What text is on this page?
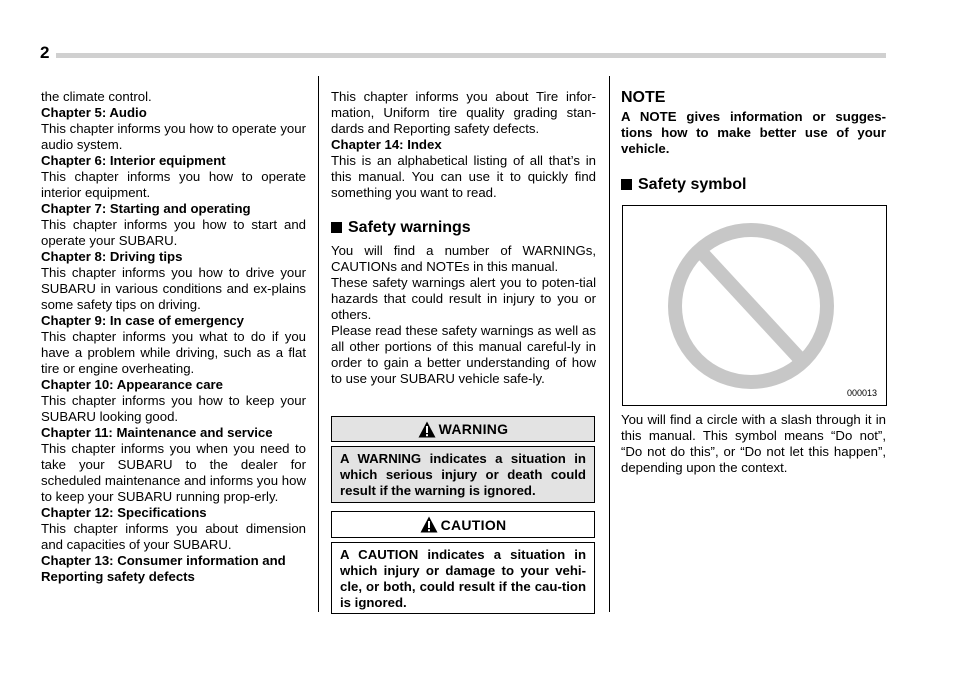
2

the climate control.

Chapter 5: Audio

This chapter informs you how to operate your audio system.

Chapter 6: Interior equipment

This chapter informs you how to operate interior equipment.

Chapter 7: Starting and operating

This chapter informs you how to start and operate your SUBARU.

Chapter 8: Driving tips

This chapter informs you how to drive your SUBARU in various conditions and ex-plains some safety tips on driving.

Chapter 9: In case of emergency

This chapter informs you what to do if you have a problem while driving, such as a flat tire or engine overheating.

Chapter 10: Appearance care

This chapter informs you how to keep your SUBARU looking good.

Chapter 11: Maintenance and service

This chapter informs you when you need to take your SUBARU to the dealer for scheduled maintenance and informs you how to keep your SUBARU running prop-erly.

Chapter 12: Specifications

This chapter informs you about dimension and capacities of your SUBARU.

Chapter 13: Consumer information and Reporting safety defects

This chapter informs you about Tire infor-mation, Uniform tire quality grading stan-dards and Reporting safety defects.

Chapter 14: Index

This is an alphabetical listing of all that’s in this manual. You can use it to quickly find something you want to read.

Safety warnings

You will find a number of WARNINGs, CAUTIONs and NOTEs in this manual.

These safety warnings alert you to poten-tial hazards that could result in injury to you or others.

Please read these safety warnings as well as all other portions of this manual careful-ly in order to gain a better understanding of how to use your SUBARU vehicle safe-ly.

WARNING
A WARNING indicates a situation in which serious injury or death could result if the warning is ignored.
CAUTION
A CAUTION indicates a situation in which injury or damage to your vehi-cle, or both, could result if the cau-tion is ignored.

NOTE

A NOTE gives information or sugges-tions how to make better use of your vehicle.

Safety symbol

000013

You will find a circle with a slash through it in this manual. This symbol means “Do not”, “Do not do this”, or “Do not let this happen”, depending upon the context.
